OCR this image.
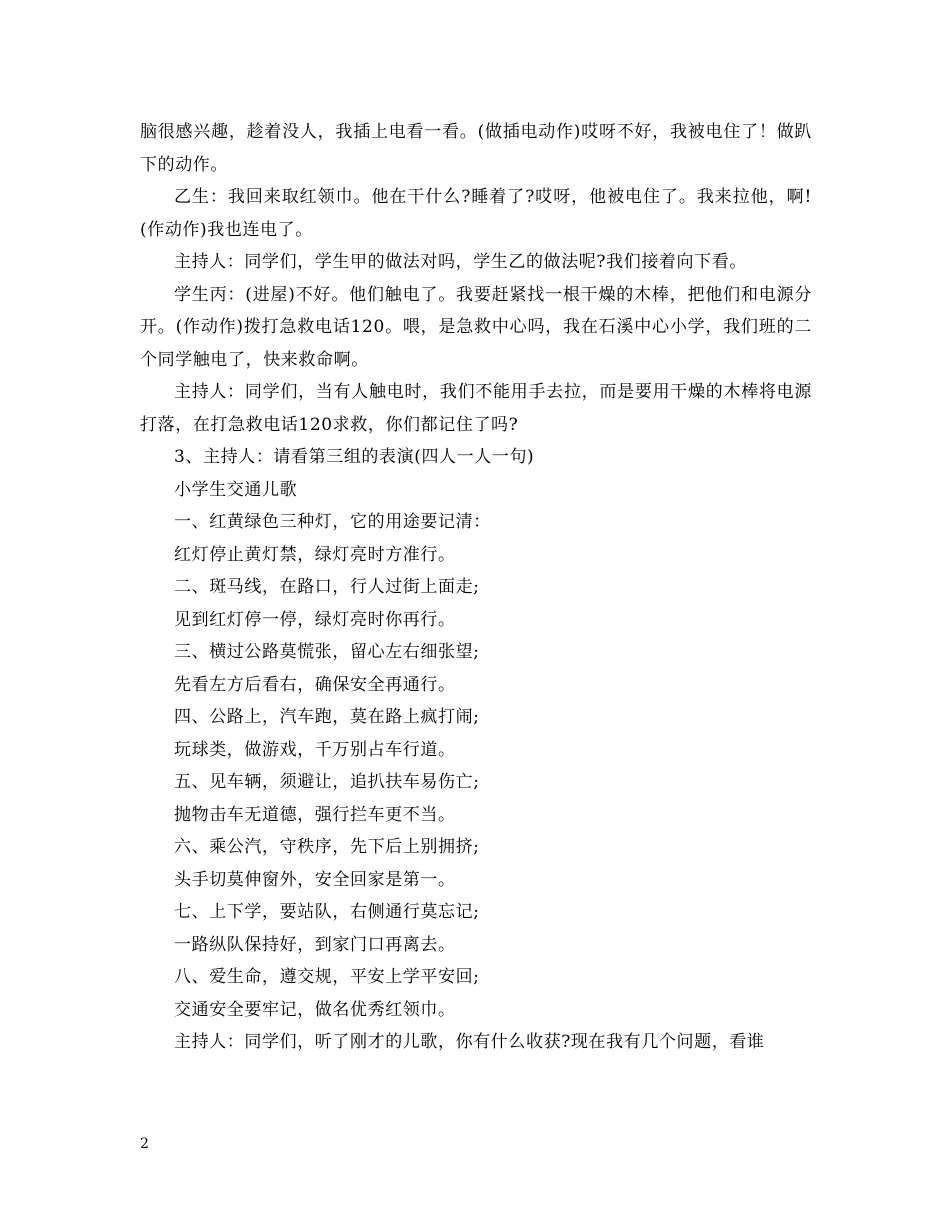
脑很感兴趣，趁着没人，我插上电看一看。(做插电动作)哎呀不好，我被电住了！做趴下的动作。

乙生：我回来取红领巾。他在干什么?睡着了?哎呀，他被电住了。我来拉他，啊!(作动作)我也连电了。

主持人：同学们，学生甲的做法对吗，学生乙的做法呢?我们接着向下看。

学生丙：(进屋)不好。他们触电了。我要赶紧找一根干燥的木棒，把他们和电源分开。(作动作)拨打急救电话120。喂，是急救中心吗，我在石溪中心小学，我们班的二个同学触电了，快来救命啊。

主持人：同学们，当有人触电时，我们不能用手去拉，而是要用干燥的木棒将电源打落，在打急救电话120求救，你们都记住了吗?

3、主持人：请看第三组的表演(四人一人一句)

小学生交通儿歌

一、红黄绿色三种灯，它的用途要记清：

红灯停止黄灯禁，绿灯亮时方准行。

二、斑马线，在路口，行人过街上面走;

见到红灯停一停，绿灯亮时你再行。

三、横过公路莫慌张，留心左右细张望;

先看左方后看右，确保安全再通行。

四、公路上，汽车跑，莫在路上疯打闹;

玩球类，做游戏，千万别占车行道。

五、见车辆，须避让，追扒扶车易伤亡;

抛物击车无道德，强行拦车更不当。

六、乘公汽，守秩序，先下后上别拥挤;

头手切莫伸窗外，安全回家是第一。

七、上下学，要站队，右侧通行莫忘记;

一路纵队保持好，到家门口再离去。

八、爱生命，遵交规，平安上学平安回;

交通安全要牢记，做名优秀红领巾。

主持人：同学们，听了刚才的儿歌，你有什么收获?现在我有几个问题，看谁

2
